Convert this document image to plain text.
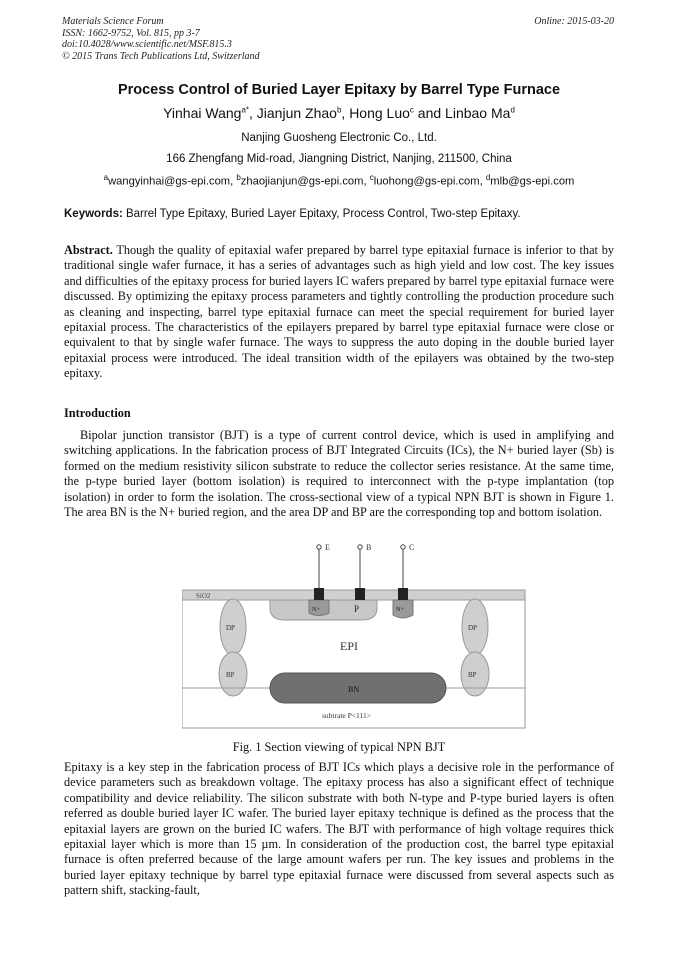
Materials Science Forum
ISSN: 1662-9752, Vol. 815, pp 3-7
doi:10.4028/www.scientific.net/MSF.815.3
© 2015 Trans Tech Publications Ltd, Switzerland
Online: 2015-03-20
Process Control of Buried Layer Epitaxy by Barrel Type Furnace
Yinhai Wang$^{a*}$, Jianjun Zhao$^b$, Hong Luo$^c$ and Linbao Ma$^d$
Nanjing Guosheng Electronic Co., Ltd.
166 Zhengfang Mid-road, Jiangning District, Nanjing, 211500, China
$^a$wangyinhai@gs-epi.com, $^b$zhaojianjun@gs-epi.com, $^c$luohong@gs-epi.com, $^d$mlb@gs-epi.com
Keywords: Barrel Type Epitaxy, Buried Layer Epitaxy, Process Control, Two-step Epitaxy.

Abstract. Though the quality of epitaxial wafer prepared by barrel type epitaxial furnace is inferior to that by traditional single wafer furnace, it has a series of advantages such as high yield and low cost. The key issues and difficulties of the epitaxy process for buried layers IC wafers prepared by barrel type epitaxial furnace were discussed. By optimizing the epitaxy process parameters and tightly controlling the production procedure such as cleaning and inspecting, barrel type epitaxial furnace can meet the special requirement for buried layer epitaxial process. The characteristics of the epilayers prepared by barrel type epitaxial furnace were close or equivalent to that by single wafer furnace. The ways to suppress the auto doping in the double buried layer epitaxial process were introduced. The ideal transition width of the epilayers was obtained by the two-step epitaxy.

Introduction

Bipolar junction transistor (BJT) is a type of current control device, which is used in amplifying and switching applications. In the fabrication process of BJT Integrated Circuits (ICs), the N+ buried layer (Sb) is formed on the medium resistivity silicon substrate to reduce the collector series resistance. At the same time, the p-type buried layer (bottom isolation) is required to interconnect with the p-type implantation (top isolation) in order to form the isolation. The cross-sectional view of a typical NPN BJT is shown in Figure 1. The area BN is the N+ buried region, and the area DP and BP are the corresponding top and bottom isolation.

E	B	C
SiO2
N+	P	N+
DP
BP
DP
BP
EPI
BN
subtrate P<111>
Fig. 1 Section viewing of typical NPN BJT

Epitaxy is a key step in the fabrication process of BJT ICs which plays a decisive role in the performance of device parameters such as breakdown voltage. The epitaxy process has also a significant effect of technique compatibility and device reliability. The silicon substrate with both N-type and P-type buried layers is often referred as double buried layer IC wafer. The buried layer epitaxy technique is defined as the process that the epitaxial layers are grown on the buried IC wafers. The BJT with performance of high voltage requires thick epitaxial layer which is more than 15 µm. In consideration of the production cost, the barrel type epitaxial furnace is often preferred because of the large amount wafers per run. The key issues and problems in the buried layer epitaxy technique by barrel type epitaxial furnace were discussed from several aspects such as pattern shift, stacking-fault,
